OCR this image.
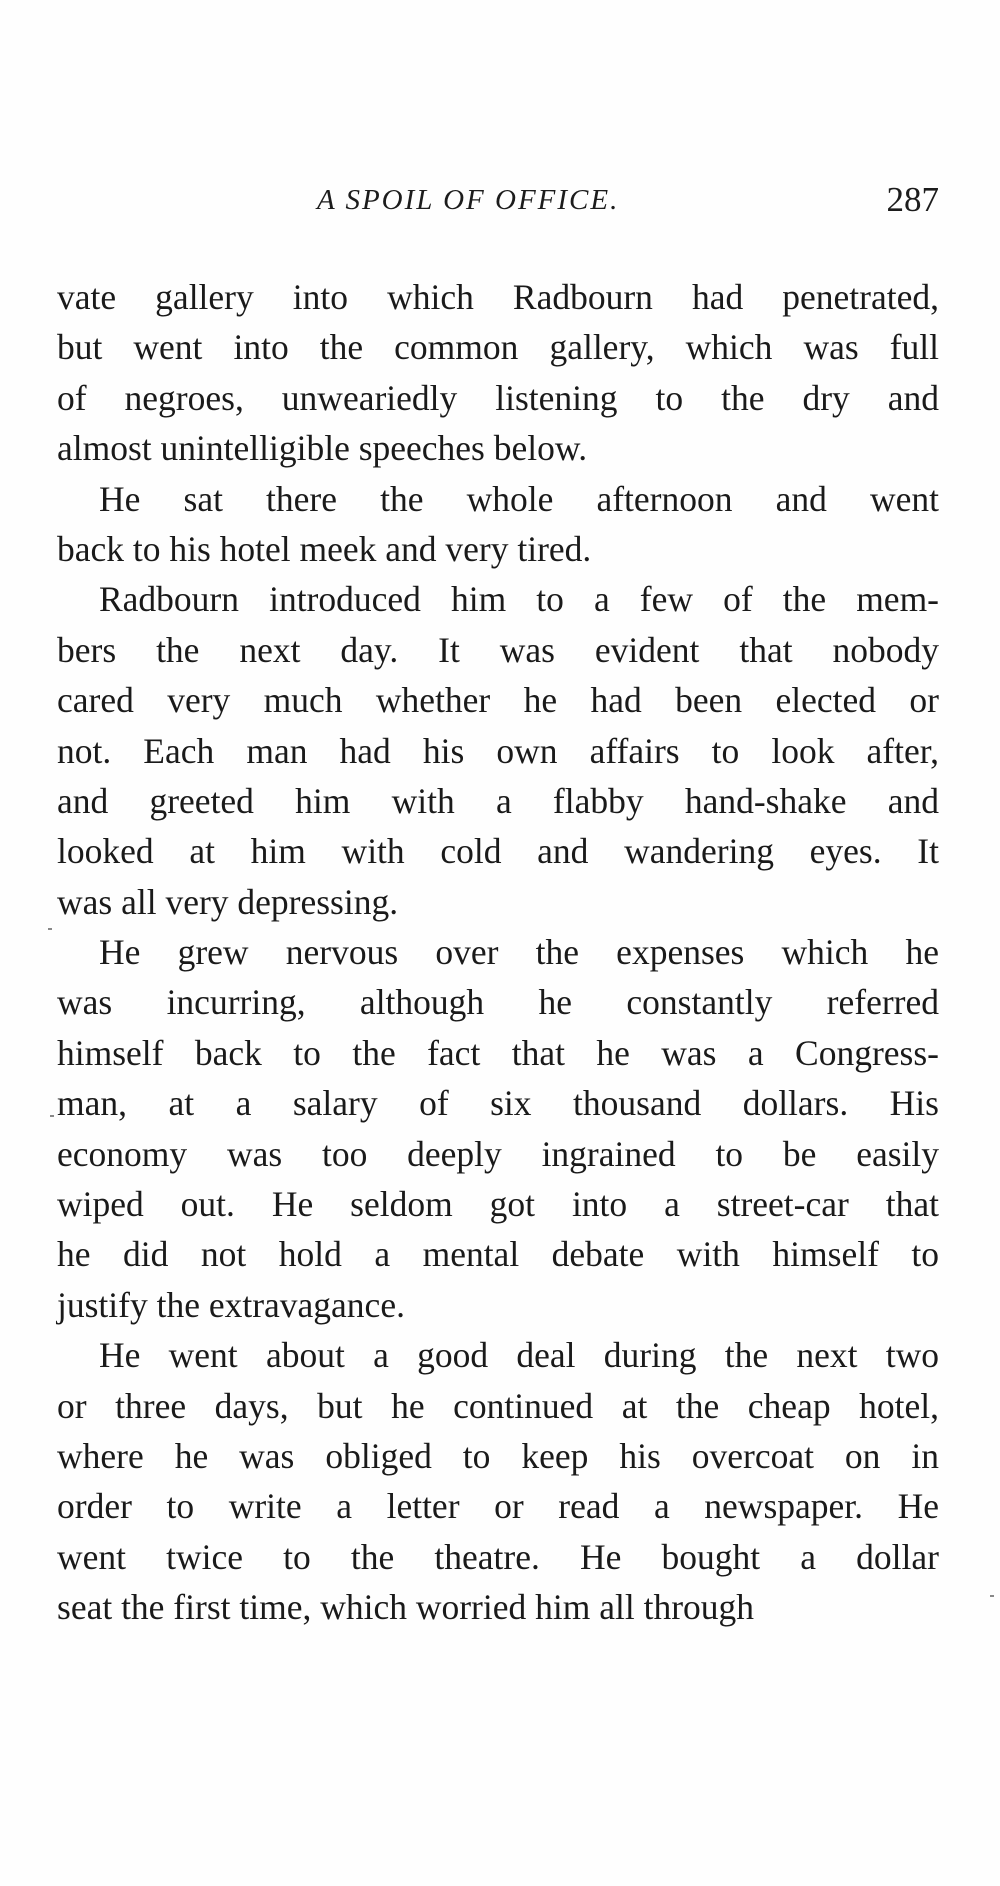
A SPOIL OF OFFICE.	287
vate gallery into which Radbourn had penetrated,
but went into the common gallery, which was full
of negroes, unweariedly listening to the dry and
almost unintelligible speeches below.
He sat there the whole afternoon and went
back to his hotel meek and very tired.
Radbourn introduced him to a few of the mem-
bers the next day. It was evident that nobody
cared very much whether he had been elected or
not. Each man had his own affairs to look after,
and greeted him with a flabby hand-shake and
looked at him with cold and wandering eyes. It
was all very depressing.
He grew nervous over the expenses which he
was incurring, although he constantly referred
himself back to the fact that he was a Congress-
man, at a salary of six thousand dollars. His
economy was too deeply ingrained to be easily
wiped out. He seldom got into a street-car that
he did not hold a mental debate with himself to
justify the extravagance.
He went about a good deal during the next two
or three days, but he continued at the cheap hotel,
where he was obliged to keep his overcoat on in
order to write a letter or read a newspaper. He
went twice to the theatre. He bought a dollar
seat the first time, which worried him all through
